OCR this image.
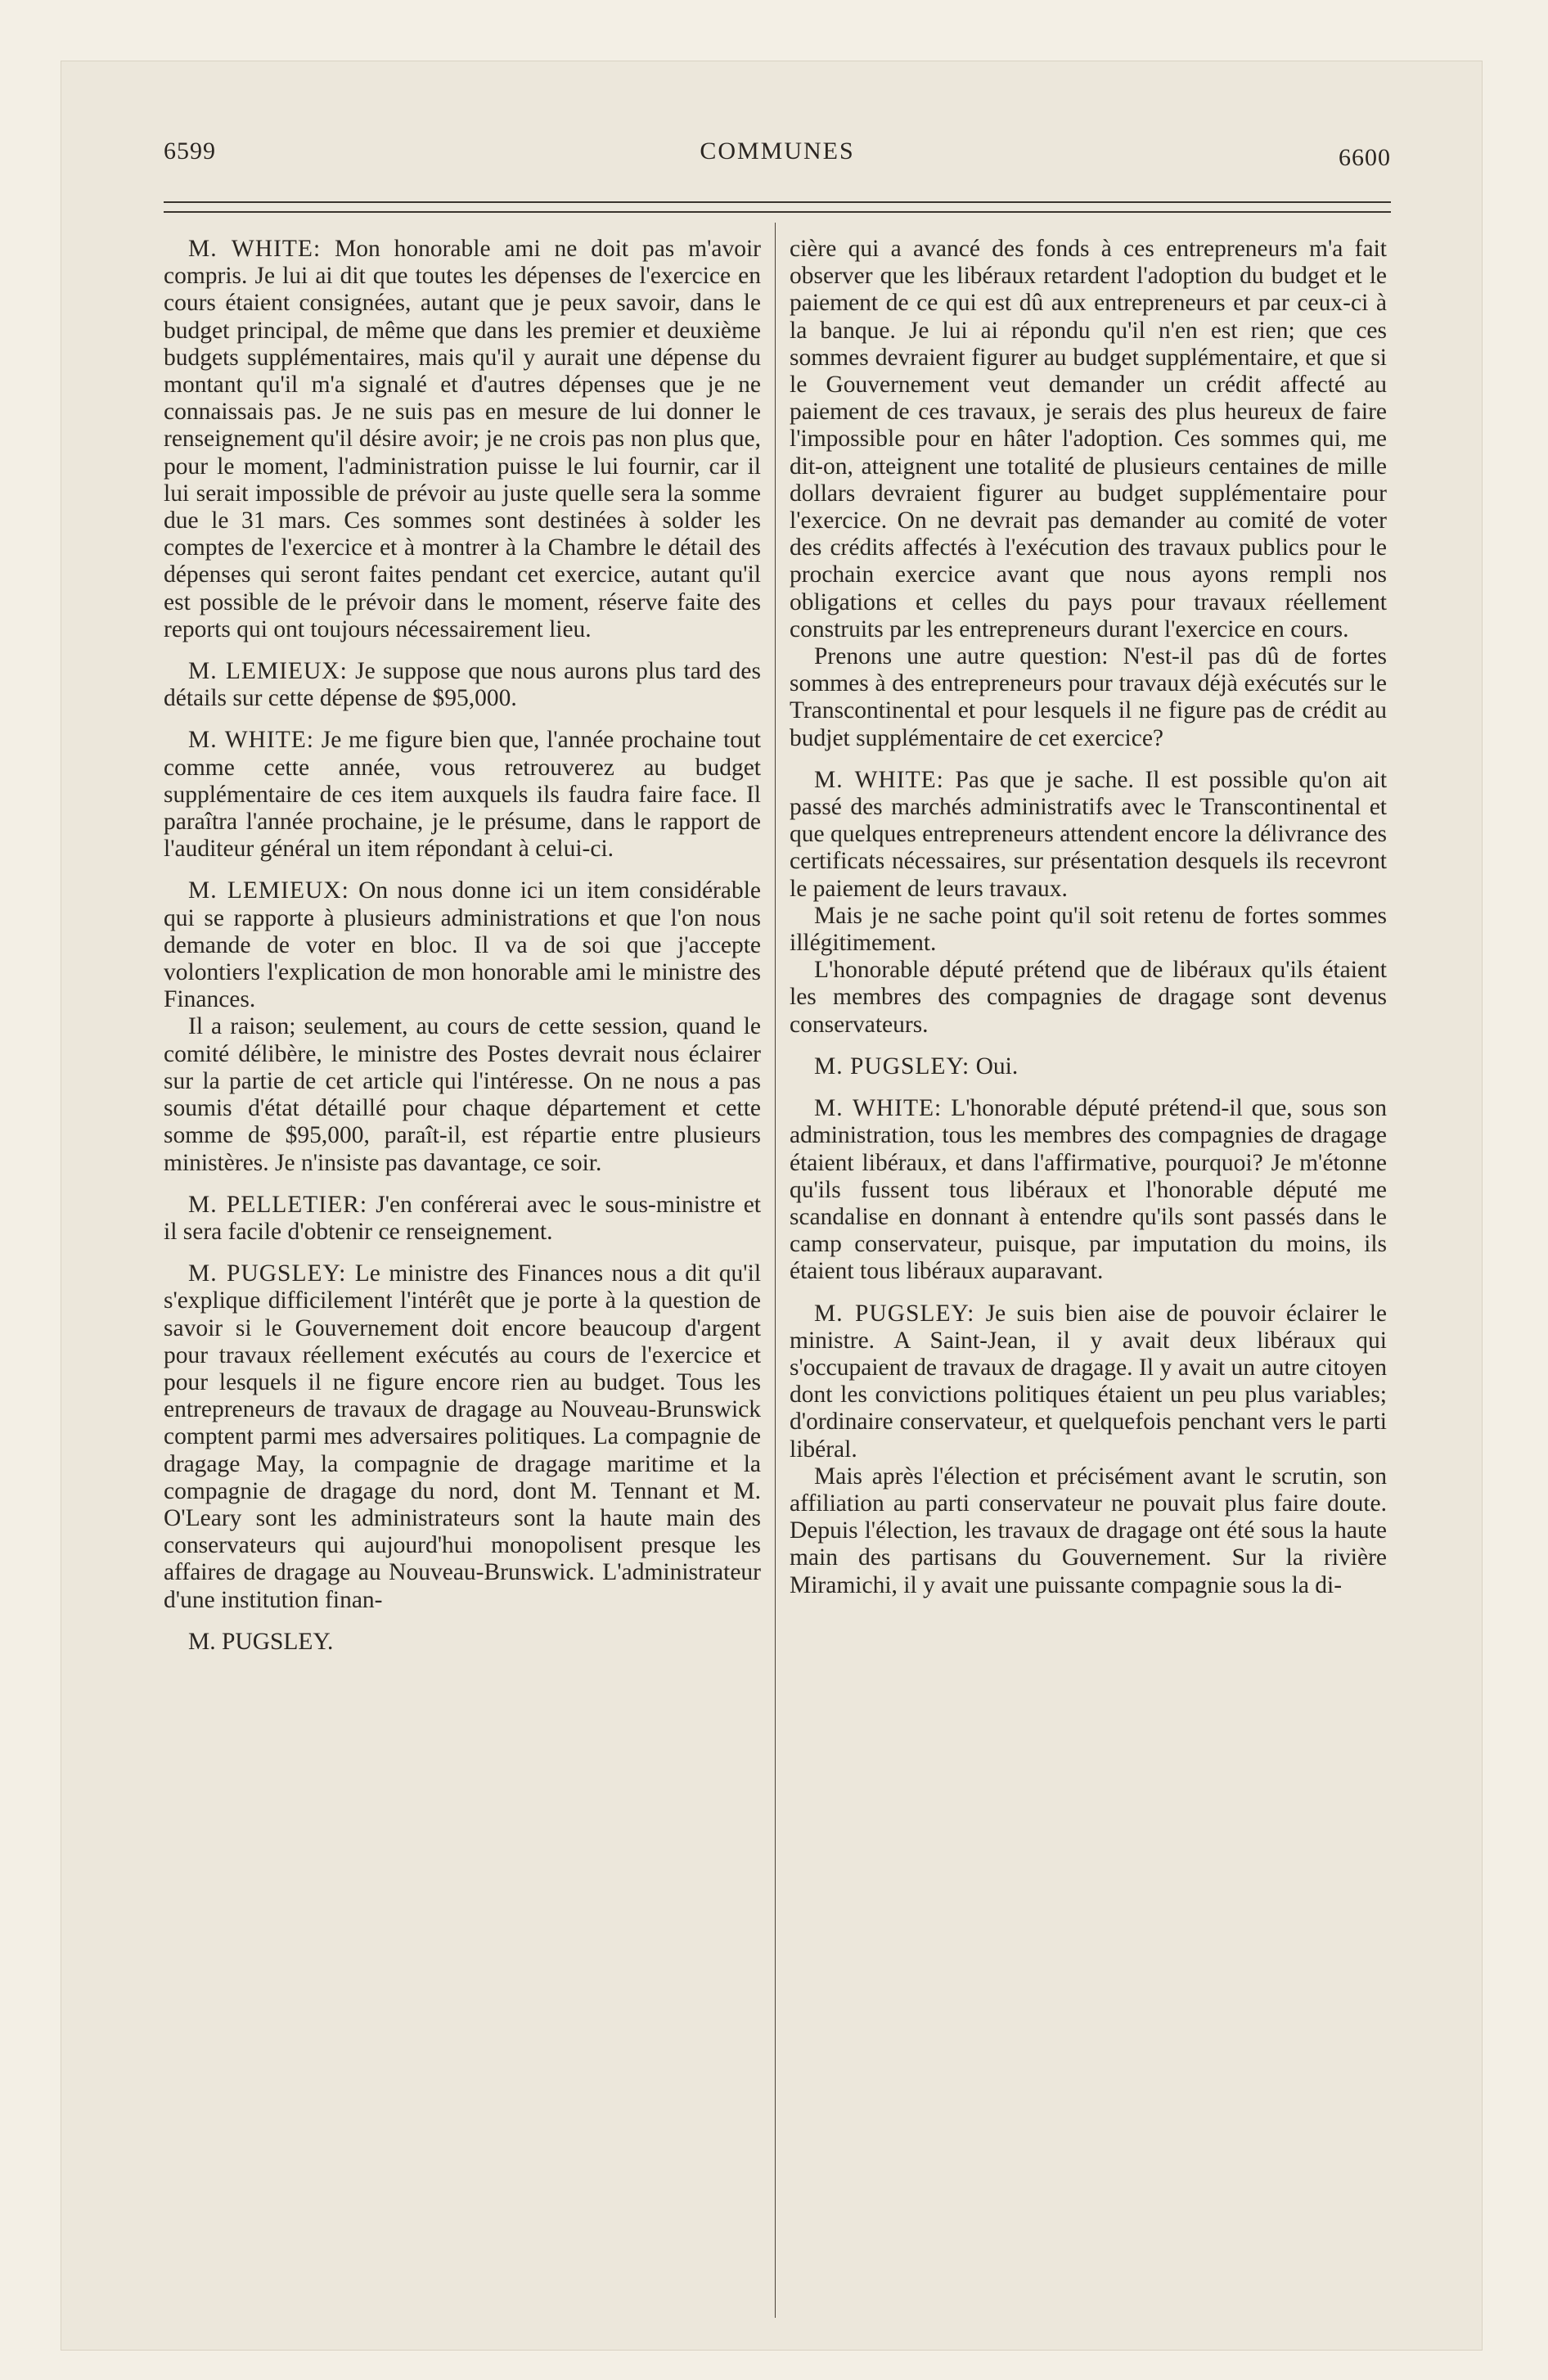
6599	COMMUNES	6600

M. WHITE: Mon honorable ami ne doit pas m'avoir compris. Je lui ai dit que toutes les dépenses de l'exercice en cours étaient consignées, autant que je peux savoir, dans le budget principal, de même que dans les premier et deuxième budgets supplémentaires, mais qu'il y aurait une dépense du montant qu'il m'a signalé et d'autres dépenses que je ne connaissais pas. Je ne suis pas en mesure de lui donner le renseignement qu'il désire avoir; je ne crois pas non plus que, pour le moment, l'administration puisse le lui fournir, car il lui serait impossible de prévoir au juste quelle sera la somme due le 31 mars. Ces sommes sont destinées à solder les comptes de l'exercice et à montrer à la Chambre le détail des dépenses qui seront faites pendant cet exercice, autant qu'il est possible de le prévoir dans le moment, réserve faite des reports qui ont toujours nécessairement lieu.

M. LEMIEUX: Je suppose que nous aurons plus tard des détails sur cette dépense de $95,000.

M. WHITE: Je me figure bien que, l'année prochaine tout comme cette année, vous retrouverez au budget supplémentaire de ces item auxquels ils faudra faire face. Il paraîtra l'année prochaine, je le présume, dans le rapport de l'auditeur général un item répondant à celui-ci.

M. LEMIEUX: On nous donne ici un item considérable qui se rapporte à plusieurs administrations et que l'on nous demande de voter en bloc. Il va de soi que j'accepte volontiers l'explication de mon honorable ami le ministre des Finances.

Il a raison; seulement, au cours de cette session, quand le comité délibère, le ministre des Postes devrait nous éclairer sur la partie de cet article qui l'intéresse. On ne nous a pas soumis d'état détaillé pour chaque département et cette somme de $95,000, paraît-il, est répartie entre plusieurs ministères. Je n'insiste pas davantage, ce soir.

M. PELLETIER: J'en conférerai avec le sous-ministre et il sera facile d'obtenir ce renseignement.

M. PUGSLEY: Le ministre des Finances nous a dit qu'il s'explique difficilement l'intérêt que je porte à la question de savoir si le Gouvernement doit encore beaucoup d'argent pour travaux réellement exécutés au cours de l'exercice et pour lesquels il ne figure encore rien au budget. Tous les entrepreneurs de travaux de dragage au Nouveau-Brunswick comptent parmi mes adversaires politiques. La compagnie de dragage May, la compagnie de dragage maritime et la compagnie de dragage du nord, dont M. Tennant et M. O'Leary sont les administrateurs sont la haute main des conservateurs qui aujourd'hui monopolisent presque les affaires de dragage au Nouveau-Brunswick. L'administrateur d'une institution finan-

M. PUGSLEY.

cière qui a avancé des fonds à ces entrepreneurs m'a fait observer que les libéraux retardent l'adoption du budget et le paiement de ce qui est dû aux entrepreneurs et par ceux-ci à la banque. Je lui ai répondu qu'il n'en est rien; que ces sommes devraient figurer au budget supplémentaire, et que si le Gouvernement veut demander un crédit affecté au paiement de ces travaux, je serais des plus heureux de faire l'impossible pour en hâter l'adoption. Ces sommes qui, me dit-on, atteignent une totalité de plusieurs centaines de mille dollars devraient figurer au budget supplémentaire pour l'exercice. On ne devrait pas demander au comité de voter des crédits affectés à l'exécution des travaux publics pour le prochain exercice avant que nous ayons rempli nos obligations et celles du pays pour travaux réellement construits par les entrepreneurs durant l'exercice en cours.

Prenons une autre question: N'est-il pas dû de fortes sommes à des entrepreneurs pour travaux déjà exécutés sur le Transcontinental et pour lesquels il ne figure pas de crédit au budjet supplémentaire de cet exercice?

M. WHITE: Pas que je sache. Il est possible qu'on ait passé des marchés administratifs avec le Transcontinental et que quelques entrepreneurs attendent encore la délivrance des certificats nécessaires, sur présentation desquels ils recevront le paiement de leurs travaux.

Mais je ne sache point qu'il soit retenu de fortes sommes illégitimement.

L'honorable député prétend que de libéraux qu'ils étaient les membres des compagnies de dragage sont devenus conservateurs.

M. PUGSLEY: Oui.

M. WHITE: L'honorable député prétend-il que, sous son administration, tous les membres des compagnies de dragage étaient libéraux, et dans l'affirmative, pourquoi? Je m'étonne qu'ils fussent tous libéraux et l'honorable député me scandalise en donnant à entendre qu'ils sont passés dans le camp conservateur, puisque, par imputation du moins, ils étaient tous libéraux auparavant.

M. PUGSLEY: Je suis bien aise de pouvoir éclairer le ministre. A Saint-Jean, il y avait deux libéraux qui s'occupaient de travaux de dragage. Il y avait un autre citoyen dont les convictions politiques étaient un peu plus variables; d'ordinaire conservateur, et quelquefois penchant vers le parti libéral.

Mais après l'élection et précisément avant le scrutin, son affiliation au parti conservateur ne pouvait plus faire doute. Depuis l'élection, les travaux de dragage ont été sous la haute main des partisans du Gouvernement. Sur la rivière Miramichi, il y avait une puissante compagnie sous la di-
